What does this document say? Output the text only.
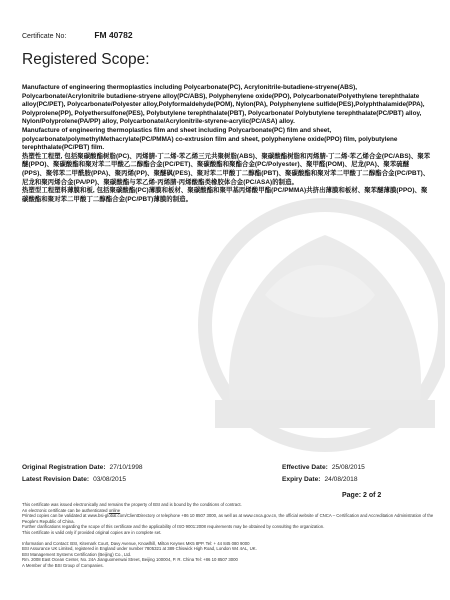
Certificate No:	FM 40782
Registered Scope:

Manufacture of engineering thermoplastics including Polycarbonate(PC), Acrylonitrile-butadiene-stryene(ABS), Polycarbonate/Acrylonitrile butadiene-stryene alloy(PC/ABS), Polyphenylene oxide(PPO), Polycarbonate/Polyethylene terephthalate alloy(PC/PET), Polycarbonate/Polyester alloy,Polyformaldehyde(POM), Nylon(PA), Polyphenylene sulfide(PES),Polyphthalamide(PPA), Polyprolene(PP), Polyethersulfone(PES), Polybutylene terephthalate(PBT), Polycarbonate/ Polybutylene terephthalate(PC/PBT) alloy, Nylon/Polyprolene(PA/PP) alloy, Polycarbonate/Acrylonitrile-styrene-acrylic(PC/ASA) alloy.

Manufacture of engineering thermoplastics film and sheet including Polycarbonate(PC) film and sheet, polycarbonate/polymethylMethacrylate(PC/PMMA) co-extrusion film and sheet, polyphenylene oxide(PPO) film, polybutylene terephthalate(PC/PBT) film.

热塑性工程塑, 包括聚碳酸酯树脂(PC)、丙烯腈-丁二烯-苯乙烯三元共聚树脂(ABS)、聚碳酸酯树脂和丙烯腈-丁二烯-苯乙烯合金(PC/ABS)、聚苯醚(PPO)、聚碳酸酯和聚对苯二甲酸乙二醇酯合金(PC/PET)、聚碳酸酯和聚酯合金(PC/Polyester)、聚甲醛(POM)、尼龙(PA)、聚苯硫醚(PPS)、聚邻苯二甲酰胺(PPA)、聚丙烯(PP)、聚醚砜(PES)、聚对苯二甲酸丁二醇酯(PBT)、聚碳酸酯和聚对苯二甲酸丁二醇酯合金(PC/PBT)、尼龙和聚丙烯合金(PA/PP)、聚碳酸酯与苯乙烯-丙烯腈-丙烯酸酯类橡胶体合金(PC/ASA)的制造。

热塑型工程塑料薄膜和板, 包括聚碳酸酯(PC)薄膜和板材、聚碳酸酯和聚甲基丙烯酸甲酯(PC/PMMA)共挤出薄膜和板材、聚苯醚薄膜(PPO)、聚碳酸酯和聚对苯二甲酸丁二醇酯合金(PC/PBT)薄膜的制造。

Original Registration Date: 27/10/1998
Latest Revision Date: 03/08/2015
Effective Date: 25/08/2015
Expiry Date: 24/08/2018
Page: 2 of 2

This certificate was issued electronically and remains the property of BSI and is bound by the conditions of contract.

An electronic certificate can be authenticated online

Printed copies can be validated at www.bsi-global.com/ClientDirectory or telephone +86 10 8507 3000, as well as at www.cnca.gov.cn, the official website of CNCA – Certification and Accreditation Administration of the People's Republic of China.

Further clarifications regarding the scope of this certificate and the applicability of ISO 9001:2008 requirements may be obtained by consulting the organization.

This certificate is valid only if provided original copies are in complete set.

Information and Contact: BSI, Kitemark Court, Davy Avenue, Knowlhill, Milton Keynes MK5 8PP. Tel: + 44 845 080 9000

BSI Assurance UK Limited, registered in England under number 7805321 at 389 Chiswick High Road, London W4 4AL, UK.

BSI Management Systems Certification (Beijing) Co., Ltd.

Rm. 2008 East Ocean Center, No. 24A Jianguomenwai Street, Beijing 100004, P. R. China Tel: +86 10 8507 3000

A Member of the BSI Group of Companies.
